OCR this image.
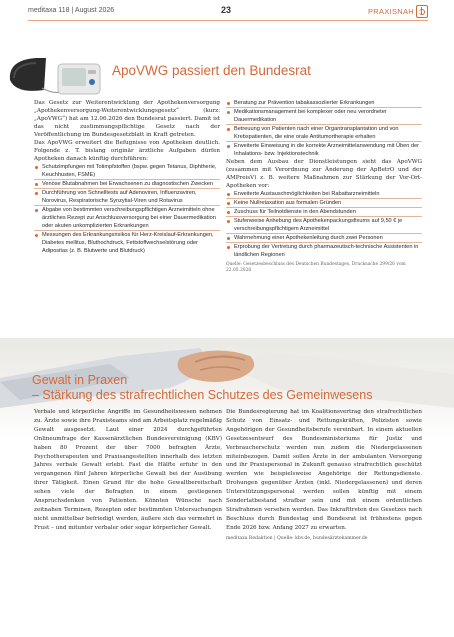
meditaxa 118 | August 2026	23	PRAXISNAH
ApoVWG passiert den Bundesrat

Das Gesetz zur Weiterentwicklung der Apothekenversorgung „Apothekenversorgung-Weiterentwicklungsgesetz“ (kurz: „ApoVWG“) hat am 12.06.2026 den Bundesrat passiert. Damit ist das nicht zustimmungspflichtige Gesetz nach der Veröffentlichung im Bundesgesetzblatt in Kraft getreten.

Das ApoVWG erweitert die Befugnisse von Apotheken deutlich. Folgende z. T. bislang originär ärztliche Aufgaben dürfen Apotheken danach künftig durchführen:

Schutzimpfungen mit Totimpfstoffen (bspw. gegen Tetanus, Diphtherie, Keuchhusten, FSME)

Venöse Blutabnahmen bei Erwachsenen zu diagnostischen Zwecken

Durchführung von Schnelltests auf Adenoviren, Influenzaviren, Norovirus, Respiratorische Synzytial-Viren und Rotavirus

Abgabe von bestimmten verschreibungspflichtigen Arzneimitteln ohne ärztliches Rezept zur Anschlussversorgung bei einer Dauermedikation oder akuten unkomplizierten Erkrankungen

Messungen des Erkrankungsrisikos für Herz-Kreislauf-Erkrankungen, Diabetes mellitus, Bluthochdruck, Fettstoffwechselstörung oder Adipositas (z. B. Blutwerte und Blutdruck)

Beratung zur Prävention tabakassoziierter Erkrankungen

Medikationsmanagement bei komplexer oder neu verordneter Dauermedikation

Betreuung von Patienten nach einer Organtransplantation und von Krebspatienten, die eine orale Antitumortherapie erhalten

Erweiterte Einweisung in die korrekte Arzneimittelanwendung mit Üben der Inhalations- bzw. Injektionstechnik

Neben dem Ausbau der Dienstleistungen sieht das ApoVWG (zusammen mit Verordnung zur Änderung der ApBetrO und der AMPreisV) z. B. weitere Maßnahmen zur Stärkung der Vor-Ort-Apotheken vor:

Erweiterte Austauschmöglichkeiten bei Rabattarzneimitteln

Keine Nullretaxation aus formalen Gründen

Zuschuss für Teilnotdienste in den Abendstunden

Stufenweise Anhebung des Apothekenpackungsfixums auf 9,50 € je verschreibungspflichtigem Arzneimittel

Wahrnehmung einer Apothekenleitung durch zwei Personen

Erprobung der Vertretung durch pharmazeutisch-technische Assistenten in ländlichen Regionen

Quelle: Gesetzesbeschluss des Deutschen Bundestages, Drucksache 299/26 vom 22.05.2026

Gewalt in Praxen
– Stärkung des strafrechtlichen Schutzes des Gemeinwesens

Verbale und körperliche Angriffe im Gesundheitswesen nehmen zu. Ärzte sowie ihre Praxisteams sind am Arbeitsplatz regelmäßig Gewalt ausgesetzt. Laut einer 2024 durchgeführten Onlineumfrage der Kassenärztlichen Bundesvereinigung (KBV) haben 80 Prozent der über 7000 befragten Ärzte, Psychotherapeuten und Praxisangestellten innerhalb des letzten Jahres verbale Gewalt erlebt. Fast die Hälfte erfuhr in den vergangenen fünf Jahren körperliche Gewalt bei der Ausübung ihrer Tätigkeit. Einen Grund für die hohe Gewaltbereitschaft sehen viele der Befragten in einem gestiegenen Anspruchsdenken von Patienten. Könnten Wünsche nach zeitnahen Terminen, Rezepten oder bestimmten Untersuchungen nicht unmittelbar befriedigt werden, äußere sich das vermehrt in Frust – und mitunter verbaler oder sogar körperlicher Gewalt.

Die Bundesregierung hat im Koalitionsvertrag den strafrechtlichen Schutz von Einsatz- und Rettungskräften, Polizisten sowie Angehörigen der Gesundheitsberufe vereinbart. In einem aktuellen Gesetzesentwurf des Bundesministeriums für Justiz und Verbraucherschutz werden nun zudem die Niedergelassenen miteinbezogen. Damit sollen Ärzte in der ambulanten Versorgung und ihr Praxispersonal in Zukunft genauso strafrechtlich geschützt werden wie beispielsweise Angehörige der Rettungsdienste. Drohungen gegenüber Ärzten (inkl. Niedergelassenen) und deren Unterstützungspersonal werden sollen künftig mit einem Sondertatbestand strafbar sein und mit einem ordentlichen Strafrahmen versehen werden. Das Inkrafttreten des Gesetzes nach Beschluss durch Bundestag und Bundesrat ist frühestens gegen Ende 2026 bzw. Anfang 2027 zu erwarten.

meditaxa Redaktion | Quelle: kbv.de, bundesärztekammer.de
